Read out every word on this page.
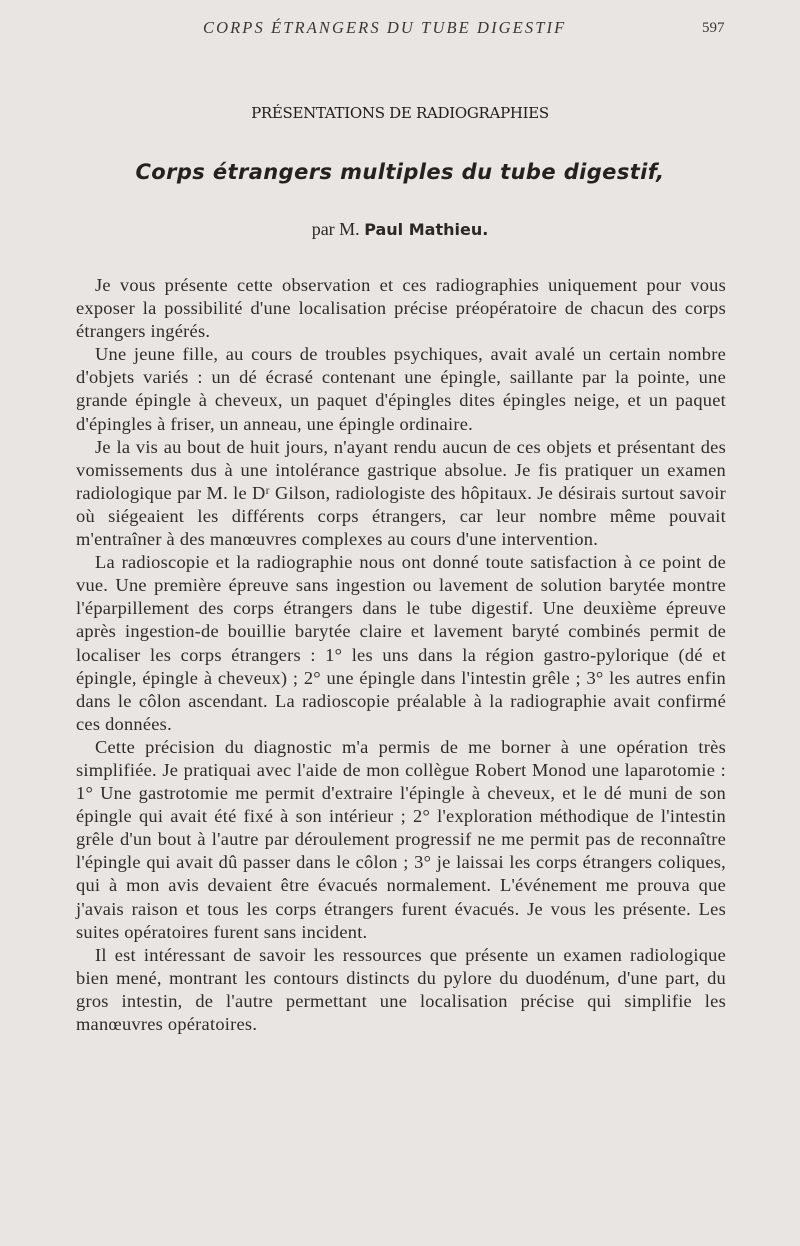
CORPS ÉTRANGERS DU TUBE DIGESTIF	597
PRÉSENTATIONS DE RADIOGRAPHIES
Corps étrangers multiples du tube digestif,
par M. Paul Mathieu.

Je vous présente cette observation et ces radiographies uniquement pour vous exposer la possibilité d'une localisation précise préopératoire de chacun des corps étrangers ingérés.

Une jeune fille, au cours de troubles psychiques, avait avalé un certain nombre d'objets variés : un dé écrasé contenant une épingle, saillante par la pointe, une grande épingle à cheveux, un paquet d'épingles dites épingles neige, et un paquet d'épingles à friser, un anneau, une épingle ordinaire.

Je la vis au bout de huit jours, n'ayant rendu aucun de ces objets et présentant des vomissements dus à une intolérance gastrique absolue. Je fis pratiquer un examen radiologique par M. le Dʳ Gilson, radiologiste des hôpitaux. Je désirais surtout savoir où siégeaient les différents corps étrangers, car leur nombre même pouvait m'entraîner à des manœuvres complexes au cours d'une intervention.

La radioscopie et la radiographie nous ont donné toute satisfaction à ce point de vue. Une première épreuve sans ingestion ou lavement de solution barytée montre l'éparpillement des corps étrangers dans le tube digestif. Une deuxième épreuve après ingestion-de bouillie barytée claire et lavement baryté combinés permit de localiser les corps étrangers : 1° les uns dans la région gastro-pylorique (dé et épingle, épingle à cheveux) ; 2° une épingle dans l'intestin grêle ; 3° les autres enfin dans le côlon ascendant. La radioscopie préalable à la radiographie avait confirmé ces données.

Cette précision du diagnostic m'a permis de me borner à une opération très simplifiée. Je pratiquai avec l'aide de mon collègue Robert Monod une laparotomie : 1° Une gastrotomie me permit d'extraire l'épingle à cheveux, et le dé muni de son épingle qui avait été fixé à son intérieur ; 2° l'exploration méthodique de l'intestin grêle d'un bout à l'autre par déroulement progressif ne me permit pas de reconnaître l'épingle qui avait dû passer dans le côlon ; 3° je laissai les corps étrangers coliques, qui à mon avis devaient être évacués normalement. L'événement me prouva que j'avais raison et tous les corps étrangers furent évacués. Je vous les présente. Les suites opératoires furent sans incident.

Il est intéressant de savoir les ressources que présente un examen radiologique bien mené, montrant les contours distincts du pylore du duodénum, d'une part, du gros intestin, de l'autre permettant une localisation précise qui simplifie les manœuvres opératoires.
